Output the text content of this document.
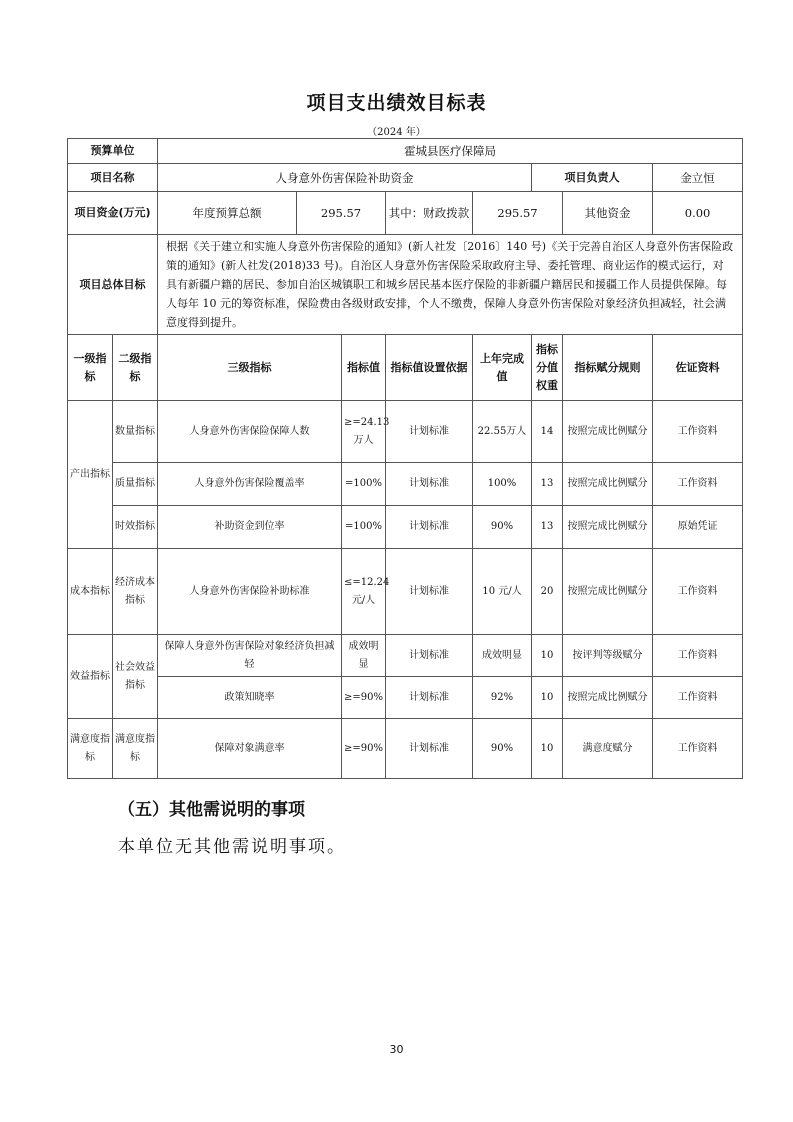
项目支出绩效目标表
（2024 年）
预算单位		霍城县医疗保障局							
项目名称		人身意外伤害保险补助资金					项目负责人		金立恒
项目资金(万元)		年度预算总额	295.57		其中：财政拨款	295.57		其他资金	0.00
项目总体目标		根据《关于建立和实施人身意外伤害保险的通知》(新人社发〔2016〕140 号)《关于完善自治区人身意外伤害保险政策的通知》(新人社发(2018)33 号)。自治区人身意外伤害保险采取政府主导、委托管理、商业运作的模式运行，对具有新疆户籍的居民、参加自治区城镇职工和城乡居民基本医疗保险的非新疆户籍居民和援疆工作人员提供保障。每人每年 10 元的筹资标准，保险费由各级财政安排，个人不缴费，保障人身意外伤害保险对象经济负担减轻，社会满意度得到提升。							
一级指标	二级指标	三级指标		指标值	指标值设置依据	上年完成值	指标分值权重	指标赋分规则	佐证资料
产出指标	数量指标	人身意外伤害保险保障人数		≥=24.13 万人	计划标准	22.55万人	14	按照完成比例赋分	工作资料
	质量指标	人身意外伤害保险覆盖率		=100%	计划标准	100%	13	按照完成比例赋分	工作资料
	时效指标	补助资金到位率		=100%	计划标准	90%	13	按照完成比例赋分	原始凭证
成本指标	经济成本指标	人身意外伤害保险补助标准		≤=12.24 元/人	计划标准	10 元/人	20	按照完成比例赋分	工作资料
效益指标	社会效益指标	保障人身意外伤害保险对象经济负担减轻		成效明显	计划标准	成效明显	10	按评判等级赋分	工作资料
		政策知晓率		≥=90%	计划标准	92%	10	按照完成比例赋分	工作资料
满意度指标	满意度指标	保障对象满意率		≥=90%	计划标准	90%	10	满意度赋分	工作资料
（五）其他需说明的事项
本单位无其他需说明事项。
30
